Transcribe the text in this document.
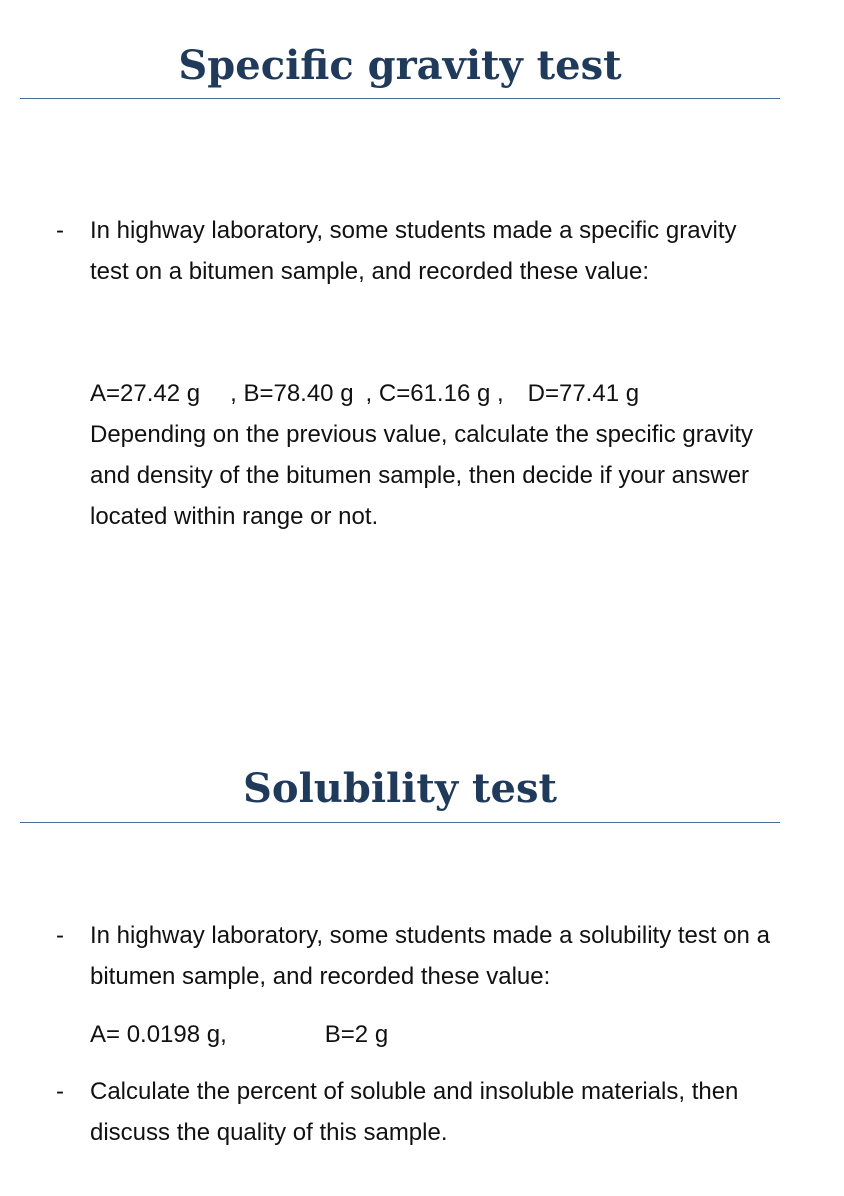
Specific gravity test
- In highway laboratory, some students made a specific gravity test on a bitumen sample, and recorded these value:
A=27.42 g , B=78.40 g , C=61.16 g , D=77.41 g
Depending on the previous value, calculate the specific gravity and density of the bitumen sample, then decide if your answer located within range or not.
Solubility test
- In highway laboratory, some students made a solubility test on a bitumen sample, and recorded these value:
A= 0.0198 g,	B=2 g
- Calculate the percent of soluble and insoluble materials, then discuss the quality of this sample.
